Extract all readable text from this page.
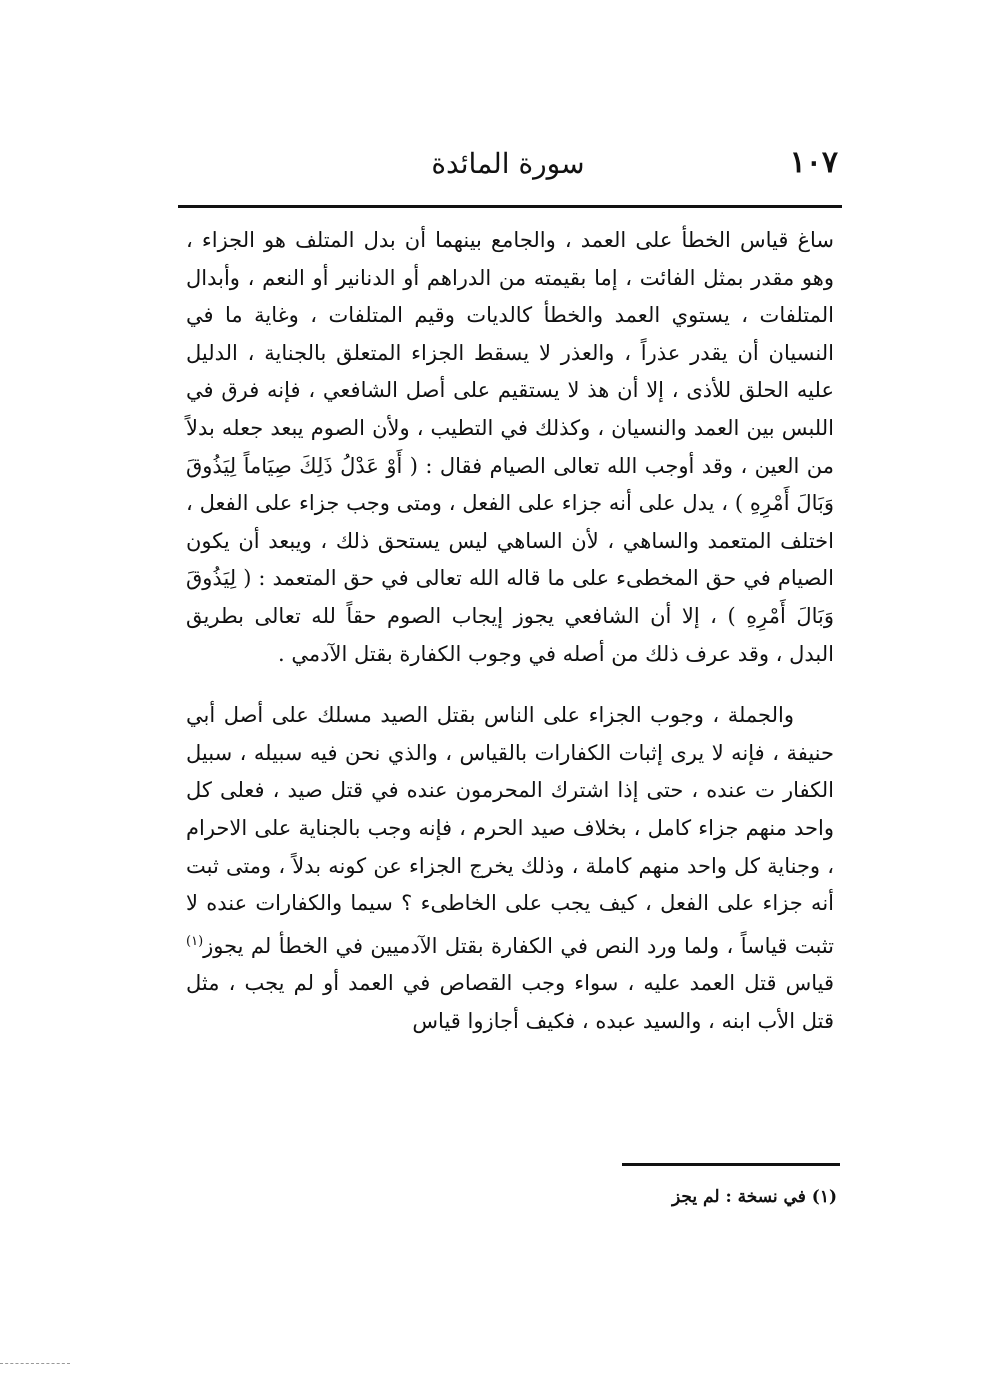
١٠٧
سورة المائدة

ساغ قياس الخطأ على العمد ، والجامع بينهما أن بدل المتلف هو الجزاء ، وهو مقدر بمثل الفائت ، إما بقيمته من الدراهم أو الدنانير أو النعم ، وأبدال المتلفات ، يستوي العمد والخطأ كالديات وقيم المتلفات ، وغاية ما في النسيان أن يقدر عذراً ، والعذر لا يسقط الجزاء المتعلق بالجناية ، الدليل عليه الحلق للأذى ، إلا أن هذ لا يستقيم على أصل الشافعي ، فإنه فرق في اللبس بين العمد والنسيان ، وكذلك في التطيب ، ولأن الصوم يبعد جعله بدلاً من العين ، وقد أوجب الله تعالى الصيام فقال : ( أَوْ عَدْلُ ذَلِكَ صِيَاماً لِيَذُوقَ وَبَالَ أَمْرِهِ ) ، يدل على أنه جزاء على الفعل ، ومتى وجب جزاء على الفعل ، اختلف المتعمد والساهي ، لأن الساهي ليس يستحق ذلك ، ويبعد أن يكون الصيام في حق المخطىء على ما قاله الله تعالى في حق المتعمد : ( لِيَذُوقَ وَبَالَ أَمْرِهِ ) ، إلا أن الشافعي يجوز إيجاب الصوم حقاً لله تعالى بطريق البدل ، وقد عرف ذلك من أصله في وجوب الكفارة بقتل الآدمي .

والجملة ، وجوب الجزاء على الناس بقتل الصيد مسلك على أصل أبي حنيفة ، فإنه لا يرى إثبات الكفارات بالقياس ، والذي نحن فيه سبيله ، سبيل الكفار ت عنده ، حتى إذا اشترك المحرمون عنده في قتل صيد ، فعلى كل واحد منهم جزاء كامل ، بخلاف صيد الحرم ، فإنه وجب بالجناية على الاحرام ، وجناية كل واحد منهم كاملة ، وذلك يخرج الجزاء عن كونه بدلاً ، ومتى ثبت أنه جزاء على الفعل ، كيف يجب على الخاطىء ؟ سيما والكفارات عنده لا تثبت قياساً ، ولما ورد النص في الكفارة بقتل الآدميين في الخطأ لم يجوز$^{(١)}$ قياس قتل العمد عليه ، سواء وجب القصاص في العمد أو لم يجب ، مثل قتل الأب ابنه ، والسيد عبده ، فكيف أجازوا قياس

(١) في نسخة : لم يجز
